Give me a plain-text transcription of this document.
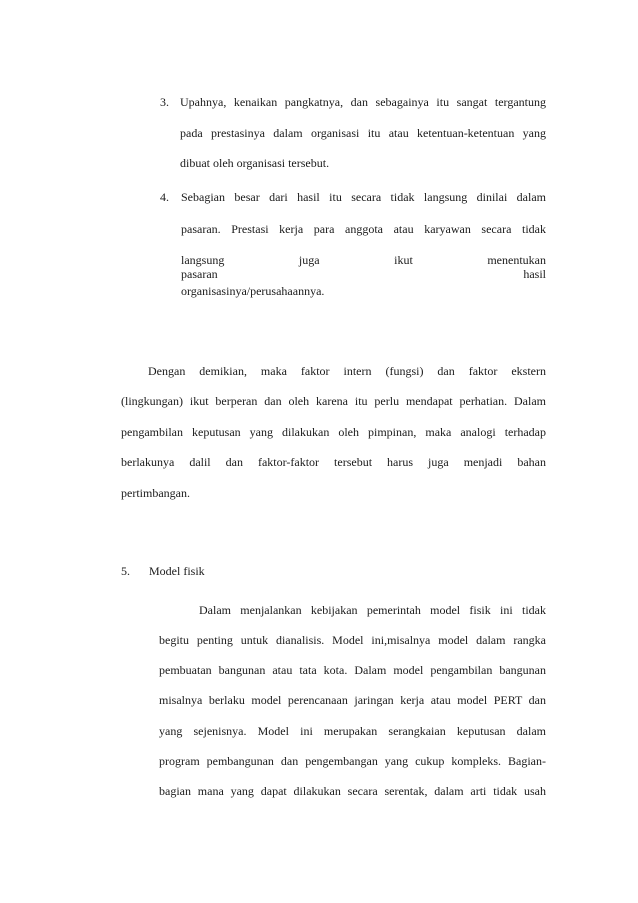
3. Upahnya, kenaikan pangkatnya, dan sebagainya itu sangat tergantung
pada prestasinya dalam organisasi itu atau ketentuan-ketentuan yang
dibuat oleh organisasi tersebut.
4. Sebagian besar dari hasil itu secara tidak langsung dinilai dalam
pasaran. Prestasi kerja para anggota atau karyawan secara tidak
langsung juga ikut menentukan pasaran hasil
organisasinya/perusahaannya.
Dengan demikian, maka faktor intern (fungsi) dan faktor ekstern
(lingkungan) ikut berperan dan oleh karena itu perlu mendapat perhatian. Dalam
pengambilan keputusan yang dilakukan oleh pimpinan, maka analogi terhadap
berlakunya dalil dan faktor-faktor tersebut harus juga menjadi bahan
pertimbangan.
5. Model fisik
Dalam menjalankan kebijakan pemerintah model fisik ini tidak
begitu penting untuk dianalisis. Model ini,misalnya model dalam rangka
pembuatan bangunan atau tata kota. Dalam model pengambilan bangunan
misalnya berlaku model perencanaan jaringan kerja atau model PERT dan
yang sejenisnya. Model ini merupakan serangkaian keputusan dalam
program pembangunan dan pengembangan yang cukup kompleks. Bagian-
bagian mana yang dapat dilakukan secara serentak, dalam arti tidak usah
